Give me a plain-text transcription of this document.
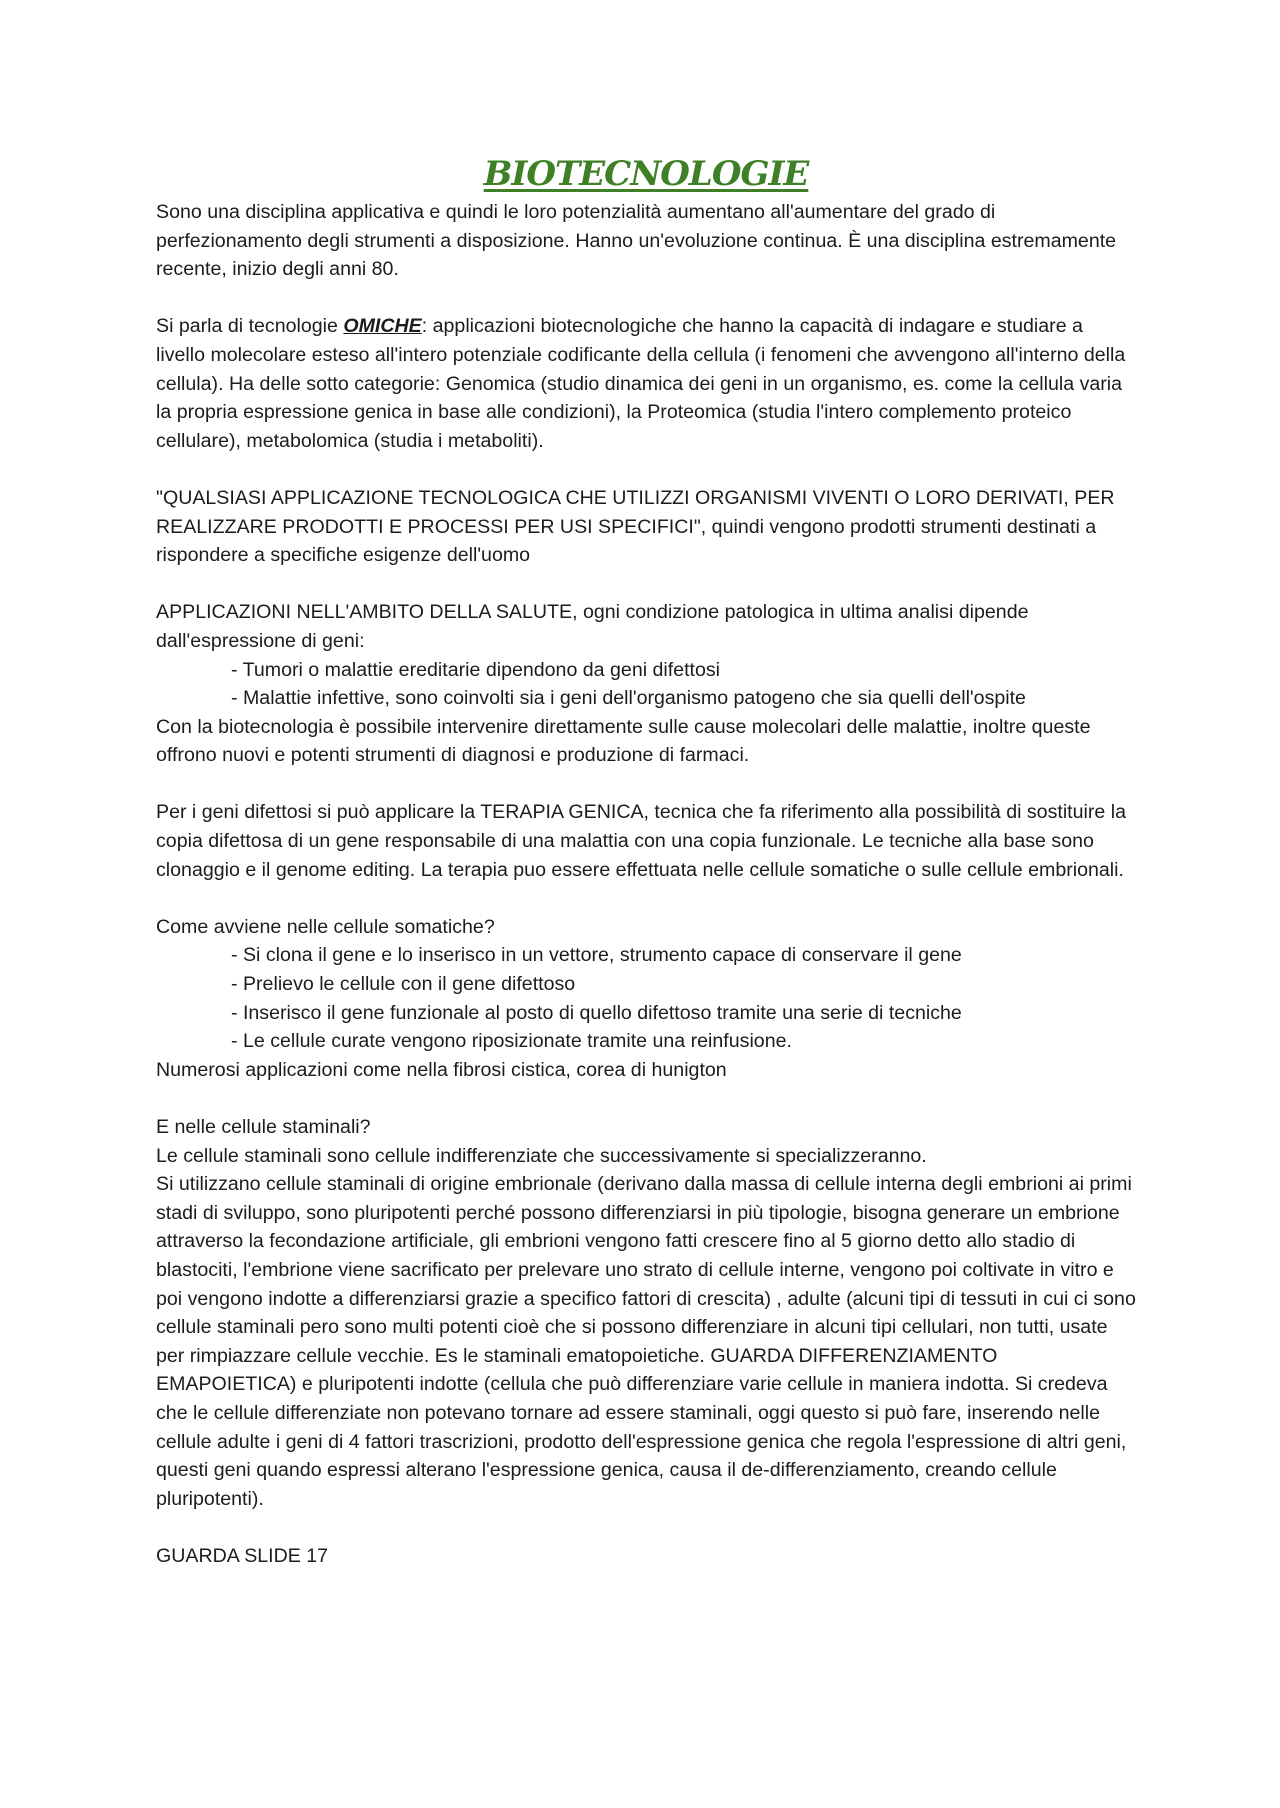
BIOTECNOLOGIE

Sono una disciplina applicativa e quindi le loro potenzialità aumentano all'aumentare del grado di perfezionamento degli strumenti a disposizione. Hanno un'evoluzione continua. È una disciplina estremamente recente, inizio degli anni 80.

Si parla di tecnologie OMICHE: applicazioni biotecnologiche che hanno la capacità di indagare e studiare a livello molecolare esteso all'intero potenziale codificante della cellula (i fenomeni che avvengono all'interno della cellula). Ha delle sotto categorie: Genomica (studio dinamica dei geni in un organismo, es. come la cellula varia la propria espressione genica in base alle condizioni), la Proteomica (studia l'intero complemento proteico cellulare), metabolomica (studia i metaboliti).

"QUALSIASI APPLICAZIONE TECNOLOGICA CHE UTILIZZI ORGANISMI VIVENTI O LORO DERIVATI, PER REALIZZARE PRODOTTI E PROCESSI PER USI SPECIFICI", quindi vengono prodotti strumenti destinati a rispondere a specifiche esigenze dell'uomo

APPLICAZIONI NELL'AMBITO DELLA SALUTE, ogni condizione patologica in ultima analisi dipende dall'espressione di geni:

- Tumori o malattie ereditarie dipendono da geni difettosi

- Malattie infettive, sono coinvolti sia i geni dell'organismo patogeno che sia quelli dell'ospite

Con la biotecnologia è possibile intervenire direttamente sulle cause molecolari delle malattie, inoltre queste offrono nuovi e potenti strumenti di diagnosi e produzione di farmaci.

Per i geni difettosi si può applicare la TERAPIA GENICA, tecnica che fa riferimento alla possibilità di sostituire la copia difettosa di un gene responsabile di una malattia con una copia funzionale. Le tecniche alla base sono clonaggio e il genome editing. La terapia puo essere effettuata nelle cellule somatiche o sulle cellule embrionali.

Come avviene nelle cellule somatiche?

- Si clona il gene e lo inserisco in un vettore, strumento capace di conservare il gene

- Prelievo le cellule con il gene difettoso

- Inserisco il gene funzionale al posto di quello difettoso tramite una serie di tecniche

- Le cellule curate vengono riposizionate tramite una reinfusione.

Numerosi applicazioni come nella fibrosi cistica, corea di hunigton

E nelle cellule staminali?

Le cellule staminali sono cellule indifferenziate che successivamente si specializzeranno.

Si utilizzano cellule staminali di origine embrionale (derivano dalla massa di cellule interna degli embrioni ai primi stadi di sviluppo, sono pluripotenti perché possono differenziarsi in più tipologie, bisogna generare un embrione attraverso la fecondazione artificiale, gli embrioni vengono fatti crescere fino al 5 giorno detto allo stadio di blastociti, l'embrione viene sacrificato per prelevare uno strato di cellule interne, vengono poi coltivate in vitro e poi vengono indotte a differenziarsi grazie a specifico fattori di crescita) , adulte (alcuni tipi di tessuti in cui ci sono cellule staminali pero sono multi potenti cioè che si possono differenziare in alcuni tipi cellulari, non tutti, usate per rimpiazzare cellule vecchie. Es le staminali ematopoietiche. GUARDA DIFFERENZIAMENTO EMAPOIETICA) e pluripotenti indotte (cellula che può differenziare varie cellule in maniera indotta. Si credeva che le cellule differenziate non potevano tornare ad essere staminali, oggi questo si può fare, inserendo nelle cellule adulte i geni di 4 fattori trascrizioni, prodotto dell'espressione genica che regola l'espressione di altri geni, questi geni quando espressi alterano l'espressione genica, causa il de-differenziamento, creando cellule pluripotenti).

GUARDA SLIDE 17
